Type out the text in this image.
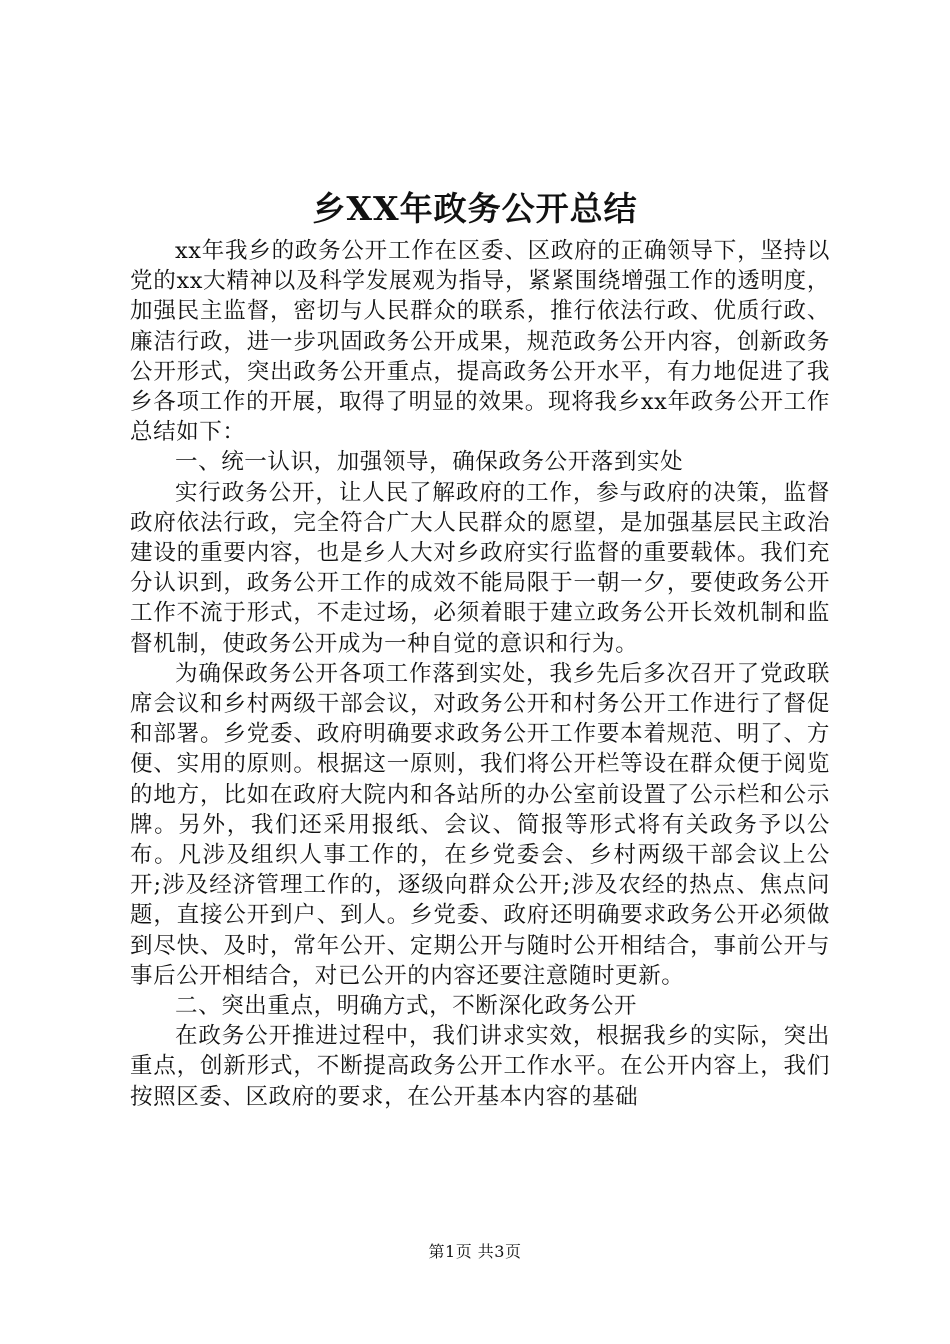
乡XX年政务公开总结

xx年我乡的政务公开工作在区委、区政府的正确领导下，坚持以党的xx大精神以及科学发展观为指导，紧紧围绕增强工作的透明度，加强民主监督，密切与人民群众的联系，推行依法行政、优质行政、廉洁行政，进一步巩固政务公开成果，规范政务公开内容，创新政务公开形式，突出政务公开重点，提高政务公开水平，有力地促进了我乡各项工作的开展，取得了明显的效果。现将我乡xx年政务公开工作总结如下：

一、统一认识，加强领导，确保政务公开落到实处

实行政务公开，让人民了解政府的工作，参与政府的决策，监督政府依法行政，完全符合广大人民群众的愿望，是加强基层民主政治建设的重要内容，也是乡人大对乡政府实行监督的重要载体。我们充分认识到，政务公开工作的成效不能局限于一朝一夕，要使政务公开工作不流于形式，不走过场，必须着眼于建立政务公开长效机制和监督机制，使政务公开成为一种自觉的意识和行为。

为确保政务公开各项工作落到实处，我乡先后多次召开了党政联席会议和乡村两级干部会议，对政务公开和村务公开工作进行了督促和部署。乡党委、政府明确要求政务公开工作要本着规范、明了、方便、实用的原则。根据这一原则，我们将公开栏等设在群众便于阅览的地方，比如在政府大院内和各站所的办公室前设置了公示栏和公示牌。另外，我们还采用报纸、会议、简报等形式将有关政务予以公布。凡涉及组织人事工作的，在乡党委会、乡村两级干部会议上公开;涉及经济管理工作的，逐级向群众公开;涉及农经的热点、焦点问题，直接公开到户、到人。乡党委、政府还明确要求政务公开必须做到尽快、及时，常年公开、定期公开与随时公开相结合，事前公开与事后公开相结合，对已公开的内容还要注意随时更新。

二、突出重点，明确方式，不断深化政务公开

在政务公开推进过程中，我们讲求实效，根据我乡的实际，突出重点，创新形式，不断提高政务公开工作水平。在公开内容上，我们按照区委、区政府的要求，在公开基本内容的基础

第1页 共3页
